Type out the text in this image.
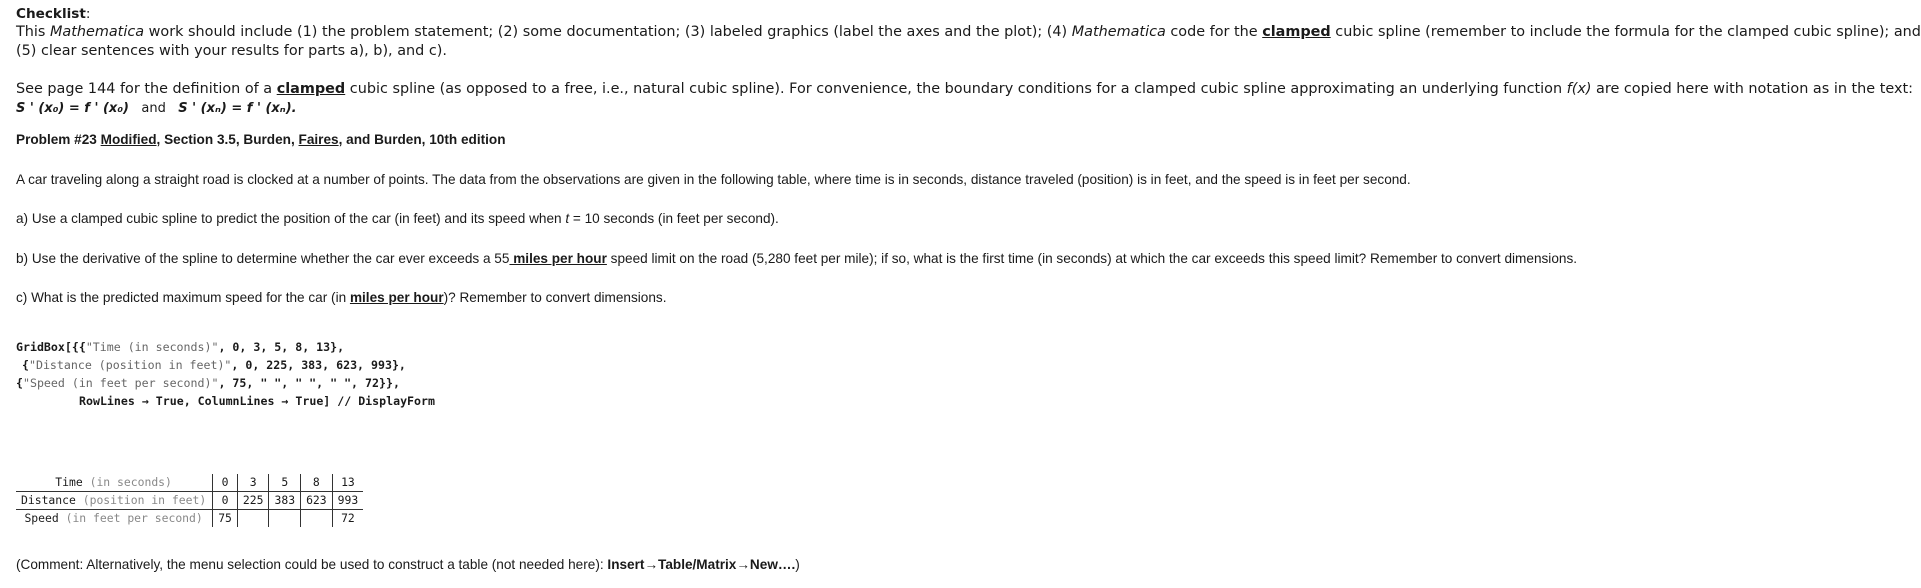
Checklist:
This Mathematica work should include (1) the problem statement; (2) some documentation; (3) labeled graphics (label the axes and the plot); (4) Mathematica code for the clamped cubic spline (remember to include the formula for the clamped cubic spline); and
(5) clear sentences with your results for parts a), b), and c).
See page 144 for the definition of a clamped cubic spline (as opposed to a free, i.e., natural cubic spline). For convenience, the boundary conditions for a clamped cubic spline approximating an underlying function f(x) are copied here with notation as in the text:
S ' (x₀) = f ' (x₀) and S ' (xₙ) = f ' (xₙ).
Problem #23 Modified, Section 3.5, Burden, Faires, and Burden, 10th edition
A car traveling along a straight road is clocked at a number of points. The data from the observations are given in the following table, where time is in seconds, distance traveled (position) is in feet, and the speed is in feet per second.
a) Use a clamped cubic spline to predict the position of the car (in feet) and its speed when t = 10 seconds (in feet per second).
b) Use the derivative of the spline to determine whether the car ever exceeds a 55 miles per hour speed limit on the road (5,280 feet per mile); if so, what is the first time (in seconds) at which the car exceeds this speed limit? Remember to convert dimensions.
c) What is the predicted maximum speed for the car (in miles per hour)? Remember to convert dimensions.
GridBox[{{"Time (in seconds)", 0, 3, 5, 8, 13},
{"Distance (position in feet)", 0, 225, 383, 623, 993},
{"Speed (in feet per second)", 75, " ", " ", " ", 72}},
RowLines → True, ColumnLines → True] // DisplayForm
Time (in seconds)	0	3	5	8	13
Distance (position in feet)	0	225	383	623	993
Speed (in feet per second)	75				72
(Comment: Alternatively, the menu selection could be used to construct a table (not needed here): Insert→Table/Matrix→New….)
